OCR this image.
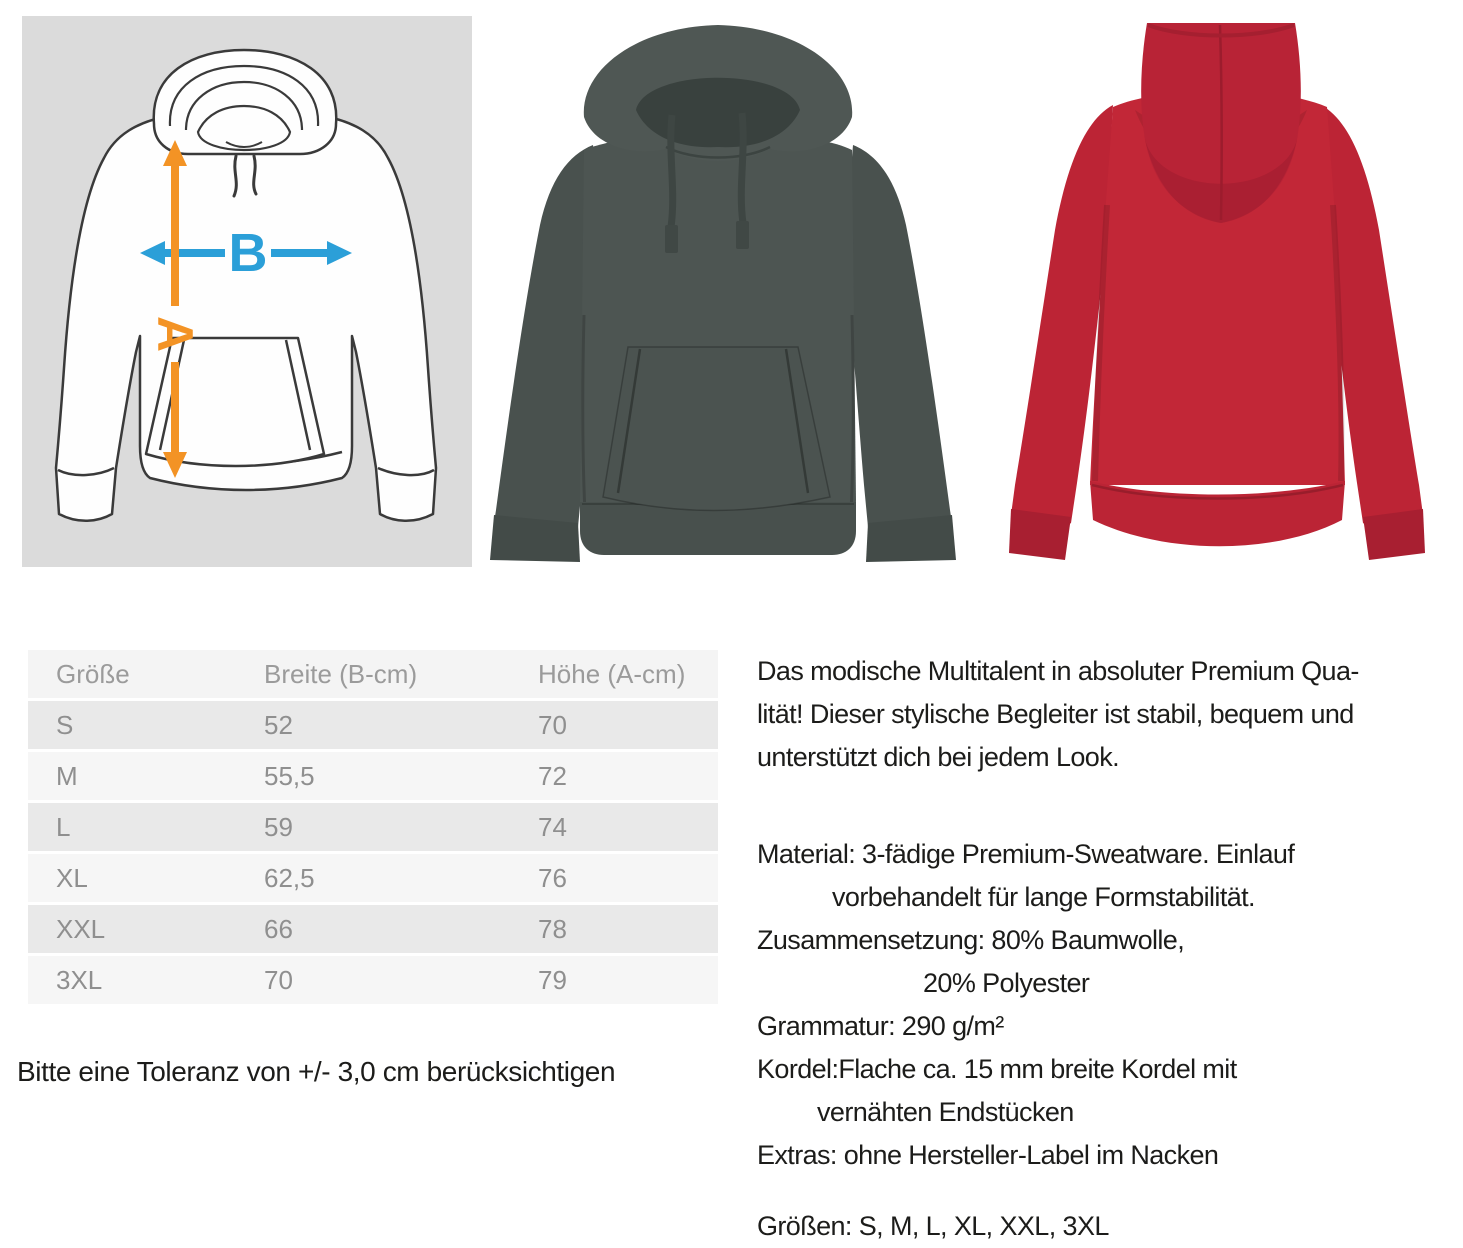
B
A
Größe	Breite (B-cm)	Höhe (A-cm)
S	52	70
M	55,5	72
L	59	74
XL	62,5	76
XXL	66	78
3XL	70	79
Bitte eine Toleranz von +/- 3,0 cm berücksichtigen
Das modische Multitalent in absoluter Premium Qua-
lität! Dieser stylische Begleiter ist stabil, bequem und
unterstützt dich bei jedem Look.
Material: 3-fädige Premium-Sweatware. Einlauf
vorbehandelt für lange Formstabilität.
Zusammensetzung: 80% Baumwolle,
20% Polyester
Grammatur: 290 g/m²
Kordel:Flache ca. 15 mm breite Kordel mit
vernähten Endstücken
Extras: ohne Hersteller-Label im Nacken
Größen: S, M, L, XL, XXL, 3XL
